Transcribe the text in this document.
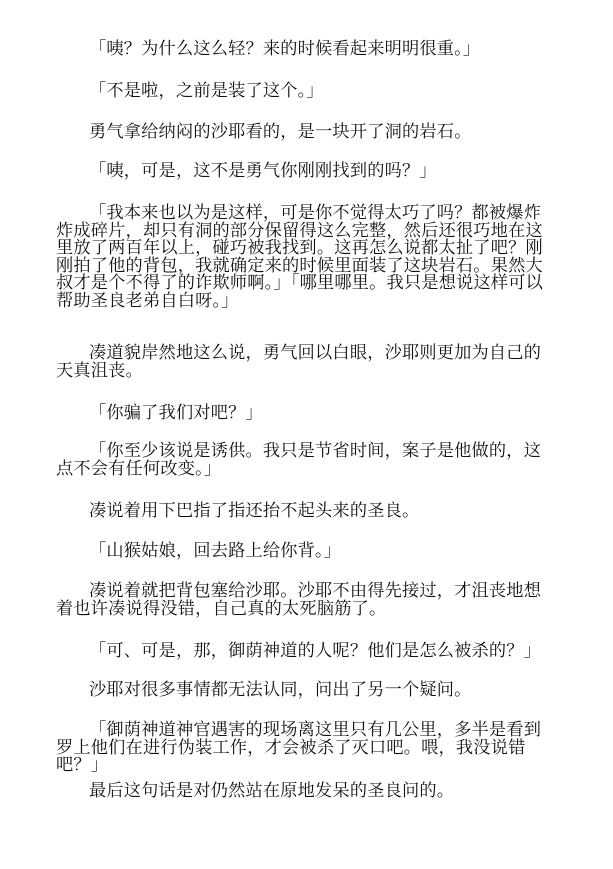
「咦？为什么这么轻？来的时候看起来明明很重。」

「不是啦，之前是装了这个。」

勇气拿给纳闷的沙耶看的，是一块开了洞的岩石。

「咦，可是，这不是勇气你刚刚找到的吗？」

「我本来也以为是这样，可是你不觉得太巧了吗？都被爆炸炸成碎片，却只有洞的部分保留得这么完整，然后还很巧地在这里放了两百年以上，碰巧被我找到。这再怎么说都太扯了吧？刚刚拍了他的背包，我就确定来的时候里面装了这块岩石。果然大叔才是个不得了的诈欺师啊。」「哪里哪里。我只是想说这样可以帮助圣良老弟自白呀。」

凑道貌岸然地这么说，勇气回以白眼，沙耶则更加为自己的天真沮丧。

「你骗了我们对吧？」

「你至少该说是诱供。我只是节省时间，案子是他做的，这点不会有任何改变。」

凑说着用下巴指了指还抬不起头来的圣良。

「山猴姑娘，回去路上给你背。」

凑说着就把背包塞给沙耶。沙耶不由得先接过，才沮丧地想着也许凑说得没错，自己真的太死脑筋了。

「可、可是，那，御荫神道的人呢？他们是怎么被杀的？」

沙耶对很多事情都无法认同，问出了另一个疑问。

「御荫神道神官遇害的现场离这里只有几公里，多半是看到罗上他们在进行伪装工作，才会被杀了灭口吧。喂，我没说错吧？」

最后这句话是对仍然站在原地发呆的圣良问的。
